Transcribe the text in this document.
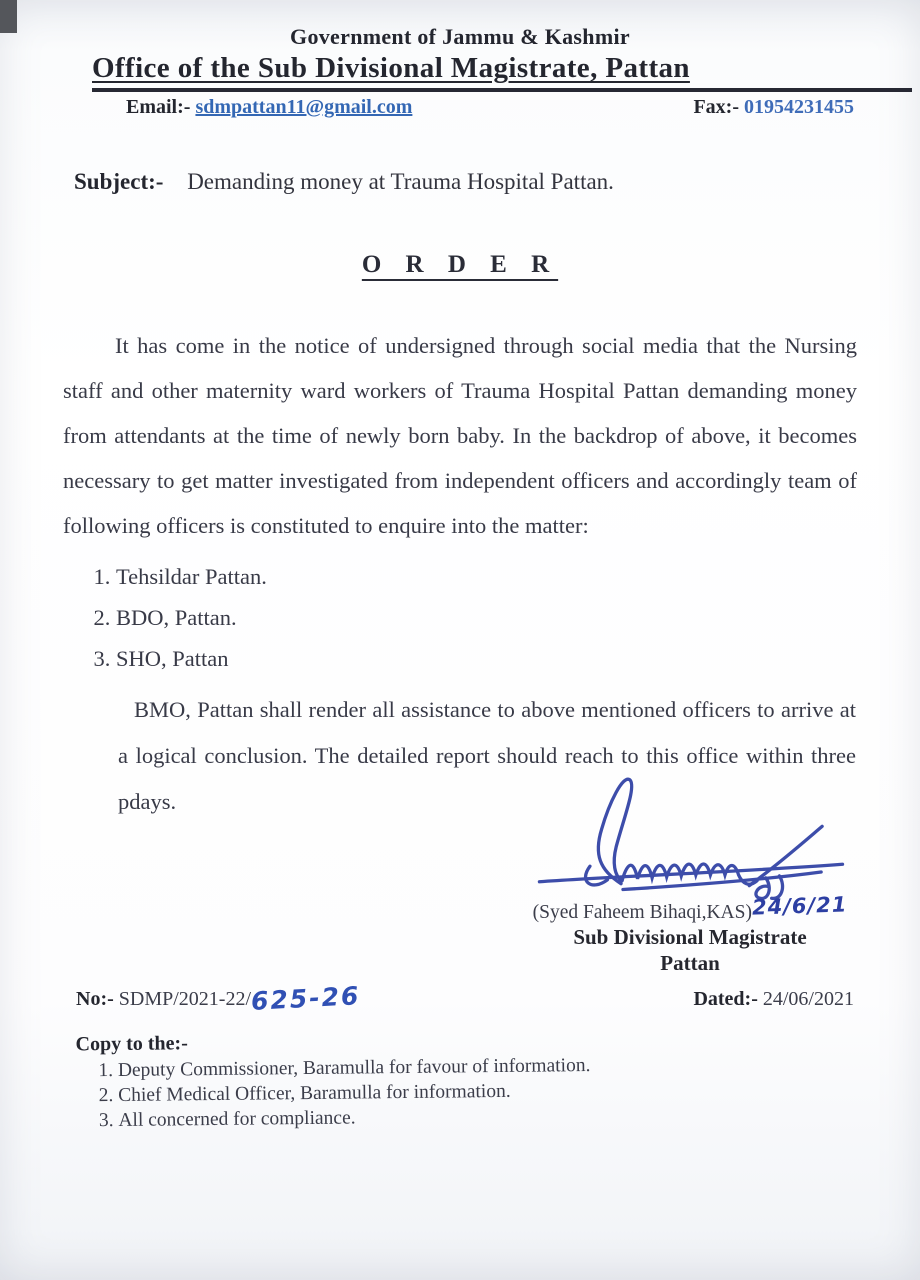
Government of Jammu & Kashmir
Office of the Sub Divisional Magistrate, Pattan
Email:- sdmpattan11@gmail.com	Fax:- 01954231455
Subject:- Demanding money at Trauma Hospital Pattan.
O R D E R

It has come in the notice of undersigned through social media that the Nursing staff and other maternity ward workers of Trauma Hospital Pattan demanding money from attendants at the time of newly born baby. In the backdrop of above, it becomes necessary to get matter investigated from independent officers and accordingly team of following officers is constituted to enquire into the matter:

1. Tehsildar Pattan.
2. BDO, Pattan.
3. SHO, Pattan

BMO, Pattan shall render all assistance to above mentioned officers to arrive at a logical conclusion. The detailed report should reach to this office within three pdays.

(Syed Faheem Bihaqi,KAS)24/6/21
Sub Divisional Magistrate
Pattan
No:- SDMP/2021-22/625-26	Dated:- 24/06/2021
Copy to the:-
1. Deputy Commissioner, Baramulla for favour of information.
2. Chief Medical Officer, Baramulla for information.
3. All concerned for compliance.
